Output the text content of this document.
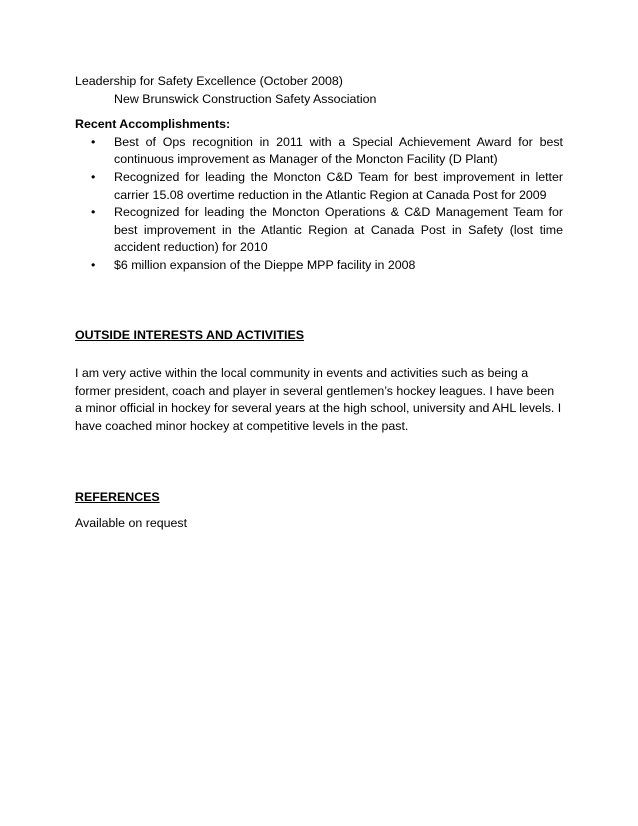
Leadership for Safety Excellence (October 2008)
New Brunswick Construction Safety Association
Recent Accomplishments:
• Best of Ops recognition in 2011 with a Special Achievement Award for best continuous improvement as Manager of the Moncton Facility (D Plant)
• Recognized for leading the Moncton C&D Team for best improvement in letter carrier 15.08 overtime reduction in the Atlantic Region at Canada Post for 2009
• Recognized for leading the Moncton Operations & C&D Management Team for best improvement in the Atlantic Region at Canada Post in Safety (lost time accident reduction) for 2010
• $6 million expansion of the Dieppe MPP facility in 2008
OUTSIDE INTERESTS AND ACTIVITIES

I am very active within the local community in events and activities such as being a former president, coach and player in several gentlemen’s hockey leagues. I have been a minor official in hockey for several years at the high school, university and AHL levels. I have coached minor hockey at competitive levels in the past.

REFERENCES
Available on request
